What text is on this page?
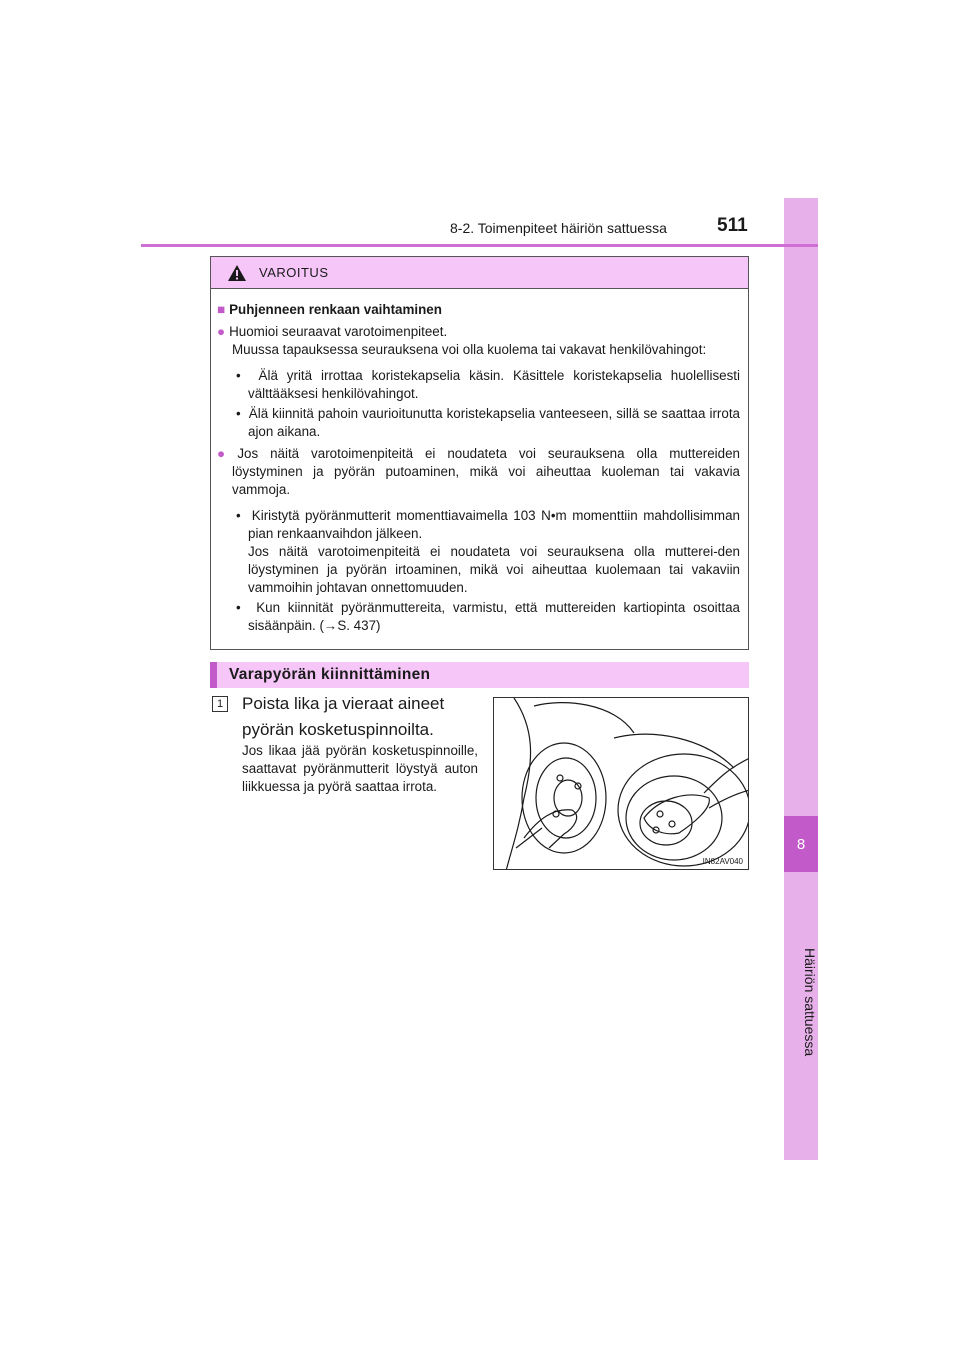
8
Häiriön sattuessa
8-2. Toimenpiteet häiriön sattuessa	511
VAROITUS
■ Puhjenneen renkaan vaihtaminen
● Huomioi seuraavat varotoimenpiteet.
Muussa tapauksessa seurauksena voi olla kuolema tai vakavat henkilövahingot:
•  Älä yritä irrottaa koristekapselia käsin. Käsittele koristekapselia huolellisesti välttääksesi henkilövahingot.
•  Älä kiinnitä pahoin vaurioitunutta koristekapselia vanteeseen, sillä se saattaa irrota ajon aikana.
● Jos näitä varotoimenpiteitä ei noudateta voi seurauksena olla muttereiden löystyminen ja pyörän putoaminen, mikä voi aiheuttaa kuoleman tai vakavia vammoja.
•  Kiristytä pyöränmutterit momenttiavaimella 103 N•m momenttiin mahdollisimman pian renkaanvaihdon jälkeen.
Jos näitä varotoimenpiteitä ei noudateta voi seurauksena olla mutterei-den löystyminen ja pyörän irtoaminen, mikä voi aiheuttaa kuolemaan tai vakaviin vammoihin johtavan onnettomuuden.
•  Kun kiinnität pyöränmuttereita, varmistu, että muttereiden kartiopinta osoittaa sisäänpäin. (→S. 437)
Varapyörän kiinnittäminen
1 Poista lika ja vieraat aineet pyörän kosketuspinnoilta.
Jos likaa jää pyörän kosketuspinnoille, saattavat pyöränmutterit löystyä auton liikkuessa ja pyörä saattaa irrota.
IN82AV040
